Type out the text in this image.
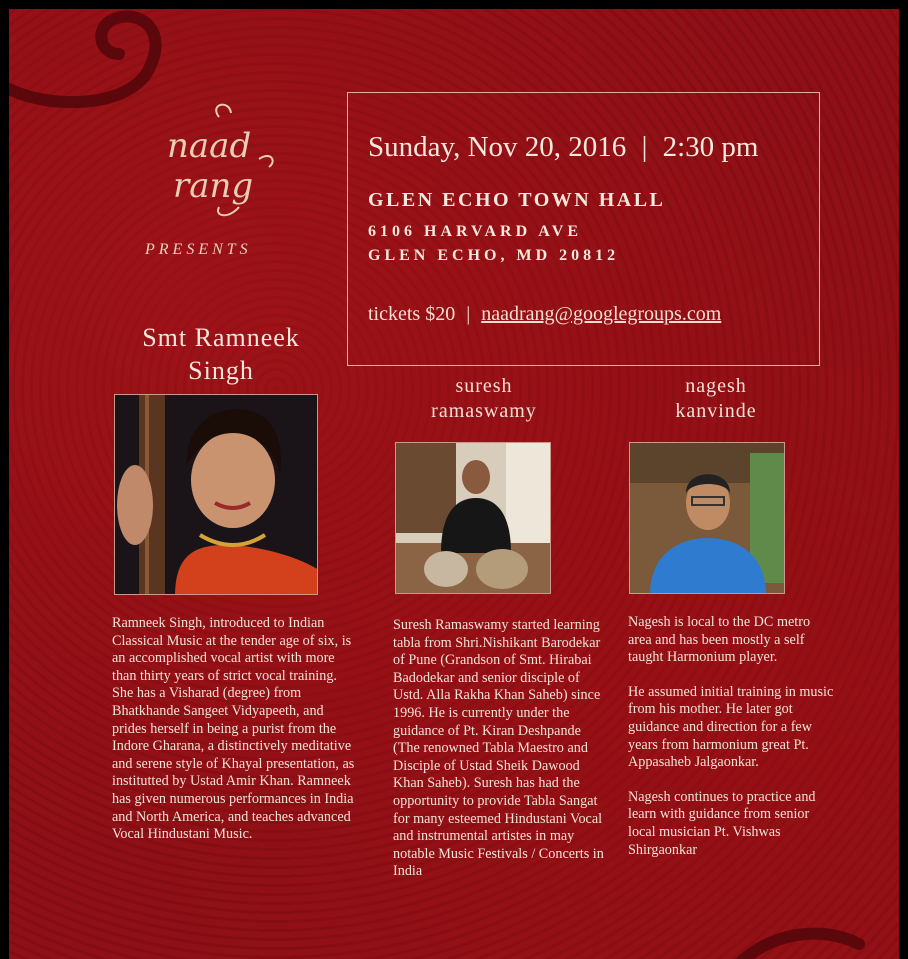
naad
rang
PRESENTS
Smt Ramneek
Singh
Sunday, Nov 20, 2016 | 2:30 pm
GLEN ECHO TOWN HALL
6106 HARVARD AVE
GLEN ECHO, MD 20812
tickets $20 | naadrang@googlegroups.com
suresh
ramaswamy
nagesh
kanvinde

Ramneek Singh, introduced to Indian Classical Music at the tender age of six, is an accomplished vocal artist with more than thirty years of strict vocal training. She has a Visharad (degree) from Bhatkhande Sangeet Vidyapeeth, and prides herself in being a purist from the Indore Gharana, a distinctively meditative and serene style of Khayal presentation, as institutted by Ustad Amir Khan. Ramneek has given numerous performances in India and North America, and teaches advanced Vocal Hindustani Music.

Suresh Ramaswamy started learning tabla from Shri.Nishikant Barodekar of Pune (Grandson of Smt. Hirabai Badodekar and senior disciple of Ustd. Alla Rakha Khan Saheb) since 1996. He is currently under the guidance of Pt. Kiran Deshpande (The renowned Tabla Maestro and Disciple of Ustad Sheik Dawood Khan Saheb). Suresh has had the opportunity to provide Tabla Sangat for many esteemed Hindustani Vocal and instrumental artistes in may notable Music Festivals / Concerts in India

Nagesh is local to the DC metro area and has been mostly a self taught Harmonium player.

He assumed initial training in music from his mother. He later got guidance and direction for a few years from harmonium great Pt. Appasaheb Jalgaonkar.

Nagesh continues to practice and learn with guidance from senior local musician Pt. Vishwas Shirgaonkar
